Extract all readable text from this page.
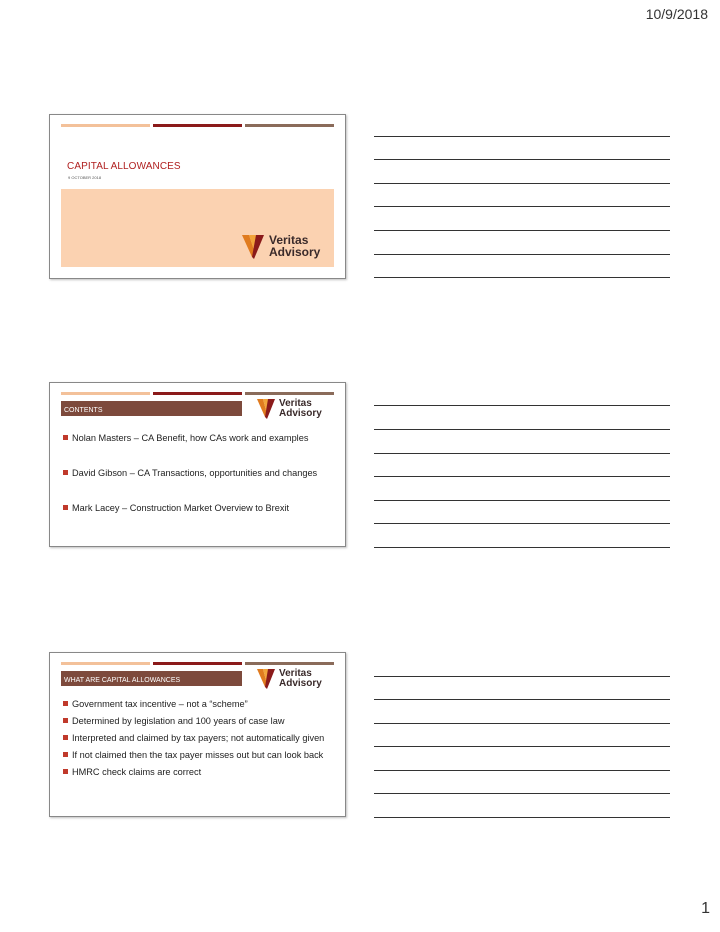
10/9/2018
CAPITAL ALLOWANCES
9 OCTOBER 2018
Veritas
Advisory
CONTENTS
Veritas
Advisory
Nolan Masters – CA Benefit, how CAs work and examples
David Gibson – CA Transactions, opportunities and changes
Mark Lacey – Construction Market Overview to Brexit
WHAT ARE CAPITAL ALLOWANCES
Veritas
Advisory
Government tax incentive – not a “scheme”
Determined by legislation and 100 years of case law
Interpreted and claimed by tax payers; not automatically given
If not claimed then the tax payer misses out but can look back
HMRC check claims are correct
1
